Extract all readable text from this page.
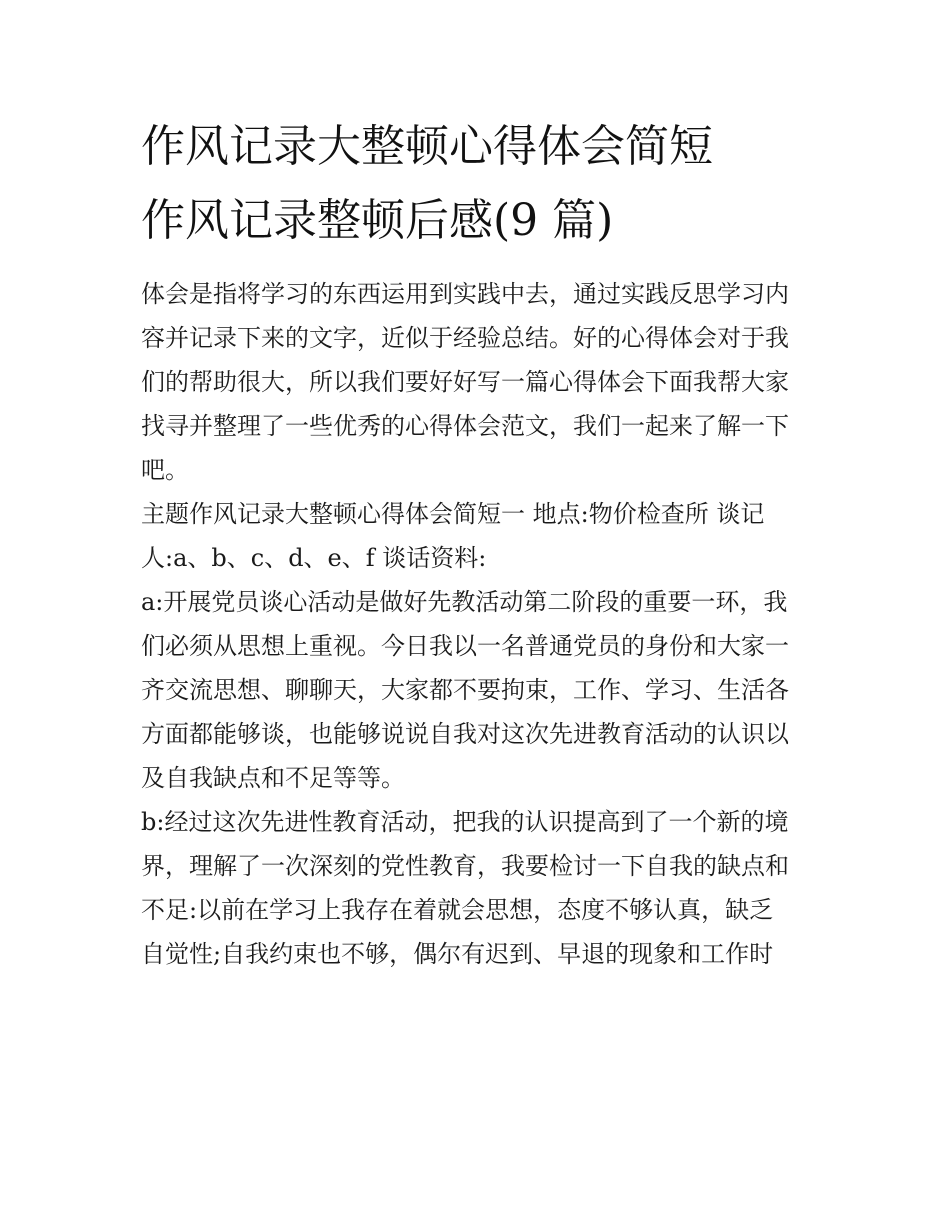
作风记录大整顿心得体会简短
作风记录整顿后感(9 篇)

体会是指将学习的东西运用到实践中去，通过实践反思学习内
容并记录下来的文字，近似于经验总结。好的心得体会对于我
们的帮助很大，所以我们要好好写一篇心得体会下面我帮大家
找寻并整理了一些优秀的心得体会范文，我们一起来了解一下
吧。

主题作风记录大整顿心得体会简短一 地点:物价检查所 谈记
人:a、b、c、d、e、f 谈话资料:

a:开展党员谈心活动是做好先教活动第二阶段的重要一环，我
们必须从思想上重视。今日我以一名普通党员的身份和大家一
齐交流思想、聊聊天，大家都不要拘束，工作、学习、生活各
方面都能够谈，也能够说说自我对这次先进教育活动的认识以
及自我缺点和不足等等。

b:经过这次先进性教育活动，把我的认识提高到了一个新的境
界，理解了一次深刻的党性教育，我要检讨一下自我的缺点和
不足:以前在学习上我存在着就会思想，态度不够认真，缺乏
自觉性;自我约束也不够，偶尔有迟到、早退的现象和工作时
